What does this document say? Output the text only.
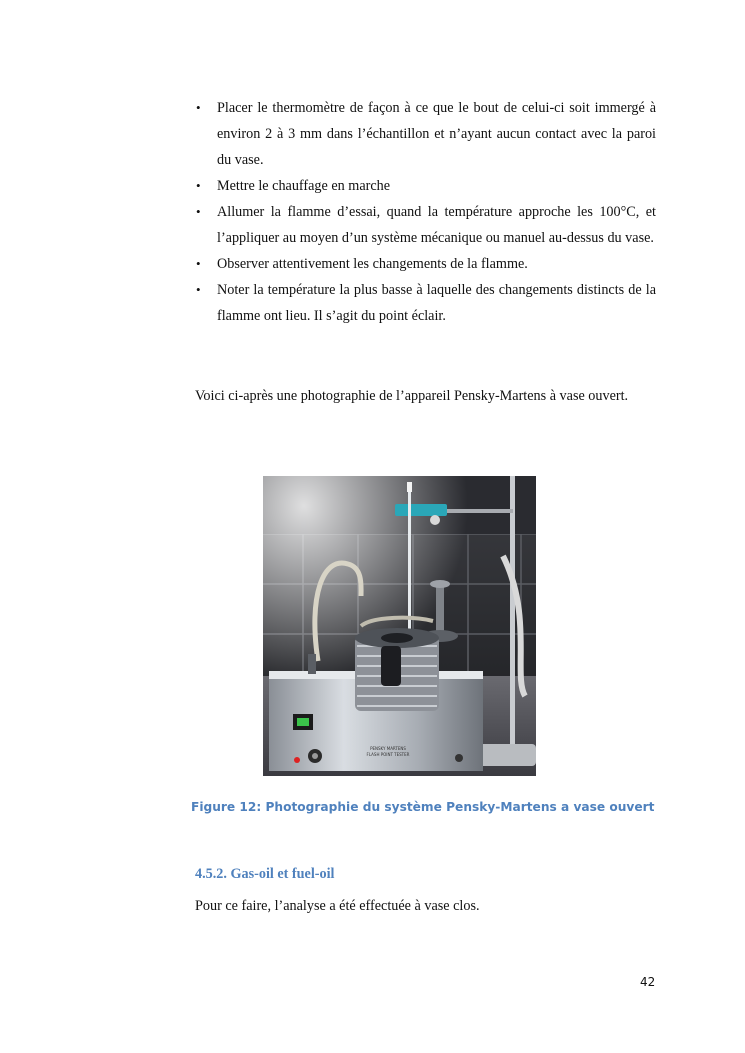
• Placer le thermomètre de façon à ce que le bout de celui-ci soit immergé à environ 2 à 3 mm dans l’échantillon et n’ayant aucun contact avec la paroi du vase.
• Mettre le chauffage en marche
• Allumer la flamme d’essai, quand la température approche les 100°C, et l’appliquer au moyen d’un système mécanique ou manuel au-dessus du vase.
• Observer attentivement les changements de la flamme.
• Noter la température la plus basse à laquelle des changements distincts de la flamme ont lieu. Il s’agit du point éclair.
Voici ci-après une photographie de l’appareil Pensky-Martens à vase ouvert.
PENSKY MARTENS
FLASH POINT TESTER
Figure 12: Photographie du système Pensky-Martens a vase ouvert
4.5.2. Gas-oil et fuel-oil
Pour ce faire, l’analyse a été effectuée à vase clos.
42
